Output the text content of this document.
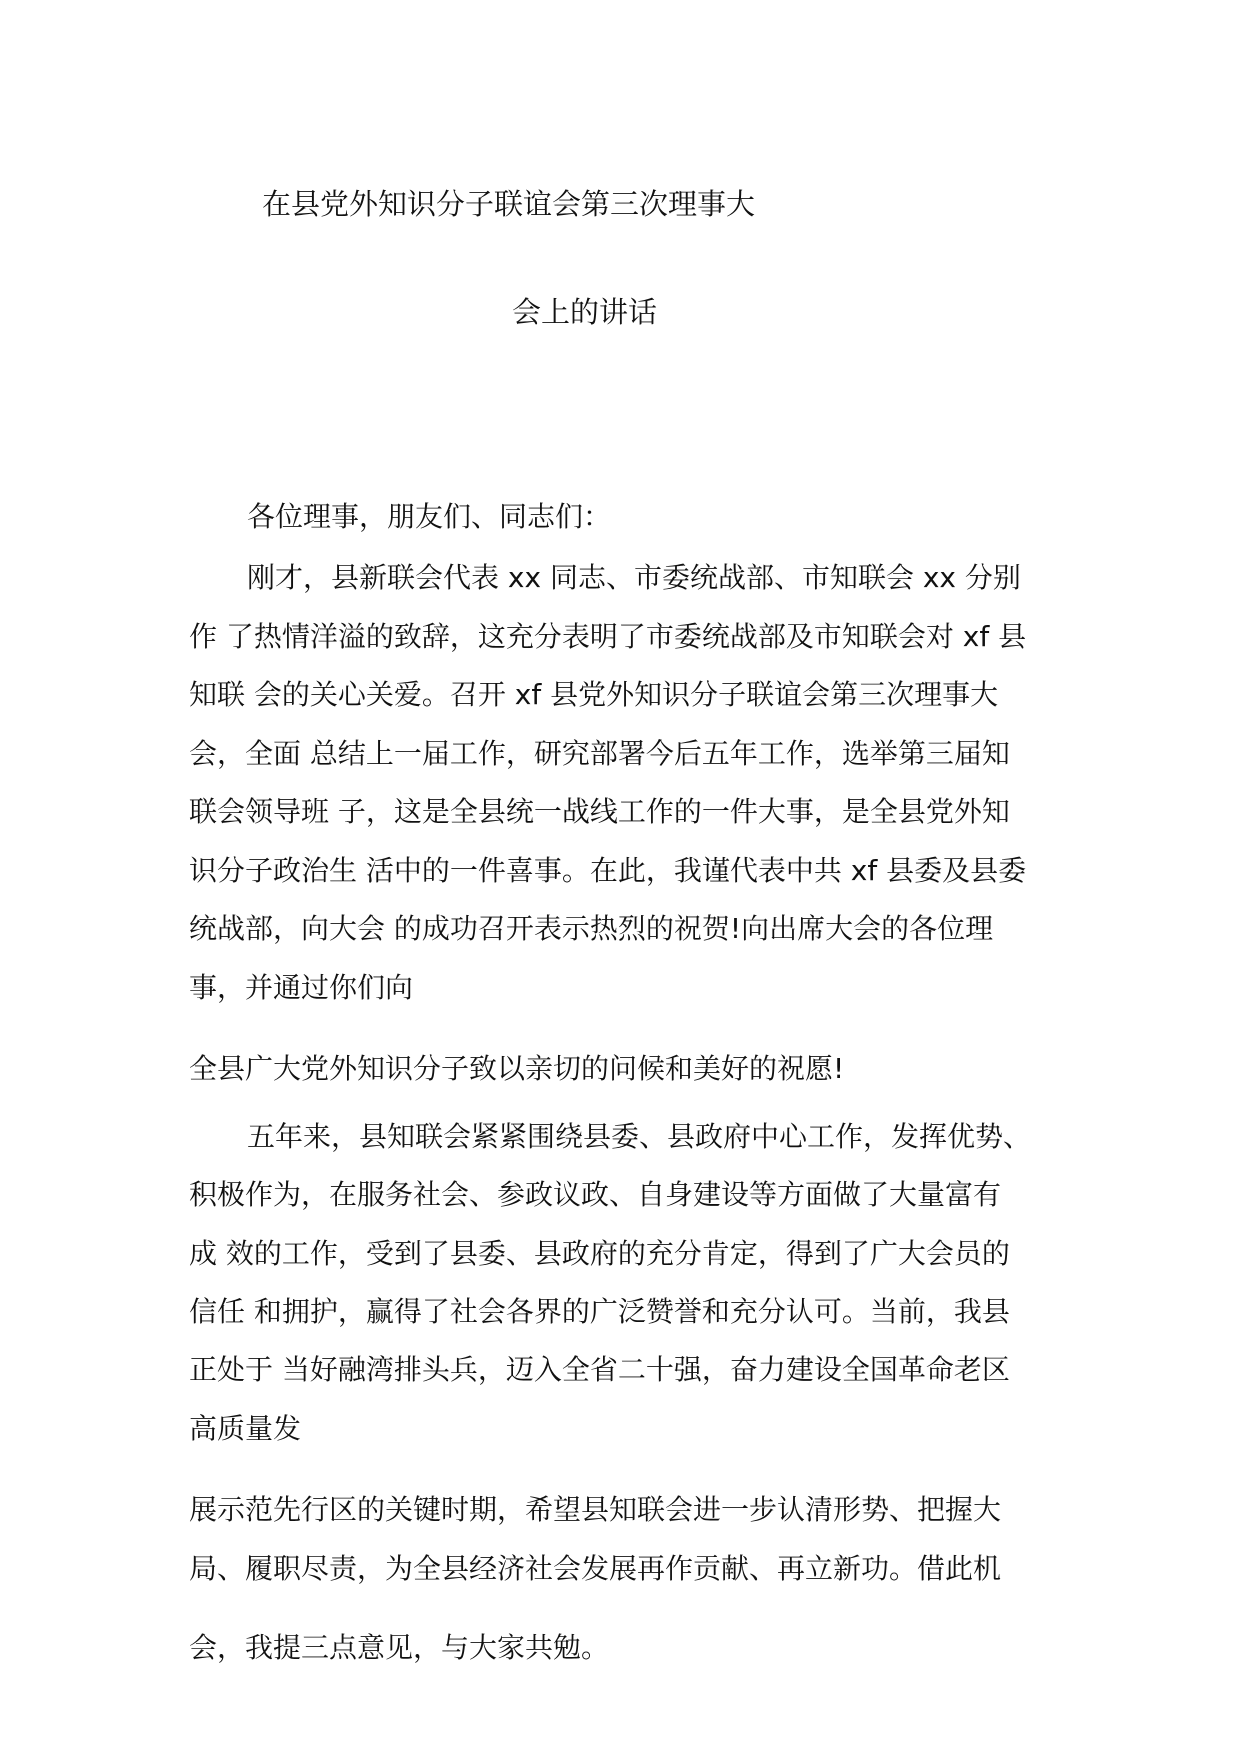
在县党外知识分子联谊会第三次理事大
会上的讲话
各位理事，朋友们、同志们：
刚才，县新联会代表 xx 同志、市委统战部、市知联会 xx 分别
作 了热情洋溢的致辞，这充分表明了市委统战部及市知联会对 xf 县
知联 会的关心关爱。召开 xf 县党外知识分子联谊会第三次理事大
会，全面 总结上一届工作，研究部署今后五年工作，选举第三届知
联会领导班 子，这是全县统一战线工作的一件大事，是全县党外知
识分子政治生 活中的一件喜事。在此，我谨代表中共 xf 县委及县委
统战部，向大会 的成功召开表示热烈的祝贺!向出席大会的各位理
事，并通过你们向
全县广大党外知识分子致以亲切的问候和美好的祝愿!
五年来，县知联会紧紧围绕县委、县政府中心工作，发挥优势、
积极作为，在服务社会、参政议政、自身建设等方面做了大量富有
成 效的工作，受到了县委、县政府的充分肯定，得到了广大会员的
信任 和拥护，赢得了社会各界的广泛赞誉和充分认可。当前，我县
正处于 当好融湾排头兵，迈入全省二十强，奋力建设全国革命老区
高质量发
展示范先行区的关键时期，希望县知联会进一步认清形势、把握大
局、履职尽责，为全县经济社会发展再作贡献、再立新功。借此机
会，我提三点意见，与大家共勉。
